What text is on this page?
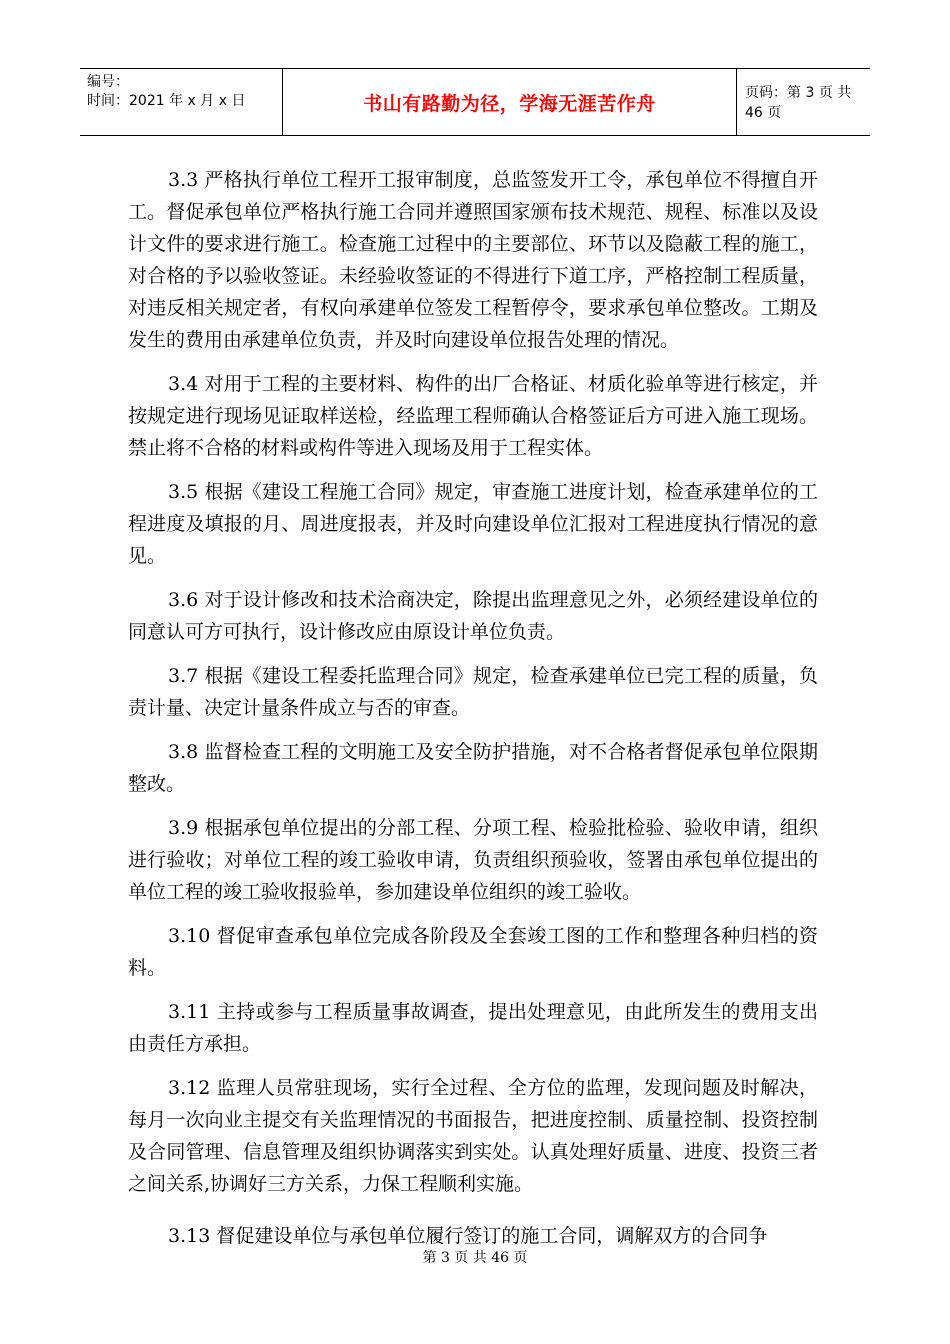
编号：
时间：2021 年 x 月 x 日	书山有路勤为径，学海无涯苦作舟	页码：第 3 页 共 46 页

3.3 严格执行单位工程开工报审制度，总监签发开工令，承包单位不得擅自开工。督促承包单位严格执行施工合同并遵照国家颁布技术规范、规程、标准以及设计文件的要求进行施工。检查施工过程中的主要部位、环节以及隐蔽工程的施工，对合格的予以验收签证。未经验收签证的不得进行下道工序，严格控制工程质量，对违反相关规定者，有权向承建单位签发工程暂停令，要求承包单位整改。工期及发生的费用由承建单位负责，并及时向建设单位报告处理的情况。

3.4 对用于工程的主要材料、构件的出厂合格证、材质化验单等进行核定，并按规定进行现场见证取样送检，经监理工程师确认合格签证后方可进入施工现场。禁止将不合格的材料或构件等进入现场及用于工程实体。

3.5 根据《建设工程施工合同》规定，审查施工进度计划，检查承建单位的工程进度及填报的月、周进度报表，并及时向建设单位汇报对工程进度执行情况的意见。

3.6 对于设计修改和技术洽商决定，除提出监理意见之外，必须经建设单位的同意认可方可执行，设计修改应由原设计单位负责。

3.7 根据《建设工程委托监理合同》规定，检查承建单位已完工程的质量，负责计量、决定计量条件成立与否的审查。

3.8 监督检查工程的文明施工及安全防护措施，对不合格者督促承包单位限期整改。

3.9 根据承包单位提出的分部工程、分项工程、检验批检验、验收申请，组织进行验收；对单位工程的竣工验收申请，负责组织预验收，签署由承包单位提出的单位工程的竣工验收报验单，参加建设单位组织的竣工验收。

3.10 督促审查承包单位完成各阶段及全套竣工图的工作和整理各种归档的资料。

3.11 主持或参与工程质量事故调查，提出处理意见，由此所发生的费用支出由责任方承担。

3.12 监理人员常驻现场，实行全过程、全方位的监理，发现问题及时解决，每月一次向业主提交有关监理情况的书面报告，把进度控制、质量控制、投资控制及合同管理、信息管理及组织协调落实到实处。认真处理好质量、进度、投资三者之间关系,协调好三方关系，力保工程顺利实施。

3.13 督促建设单位与承包单位履行签订的施工合同，调解双方的合同争

第 3 页 共 46 页
